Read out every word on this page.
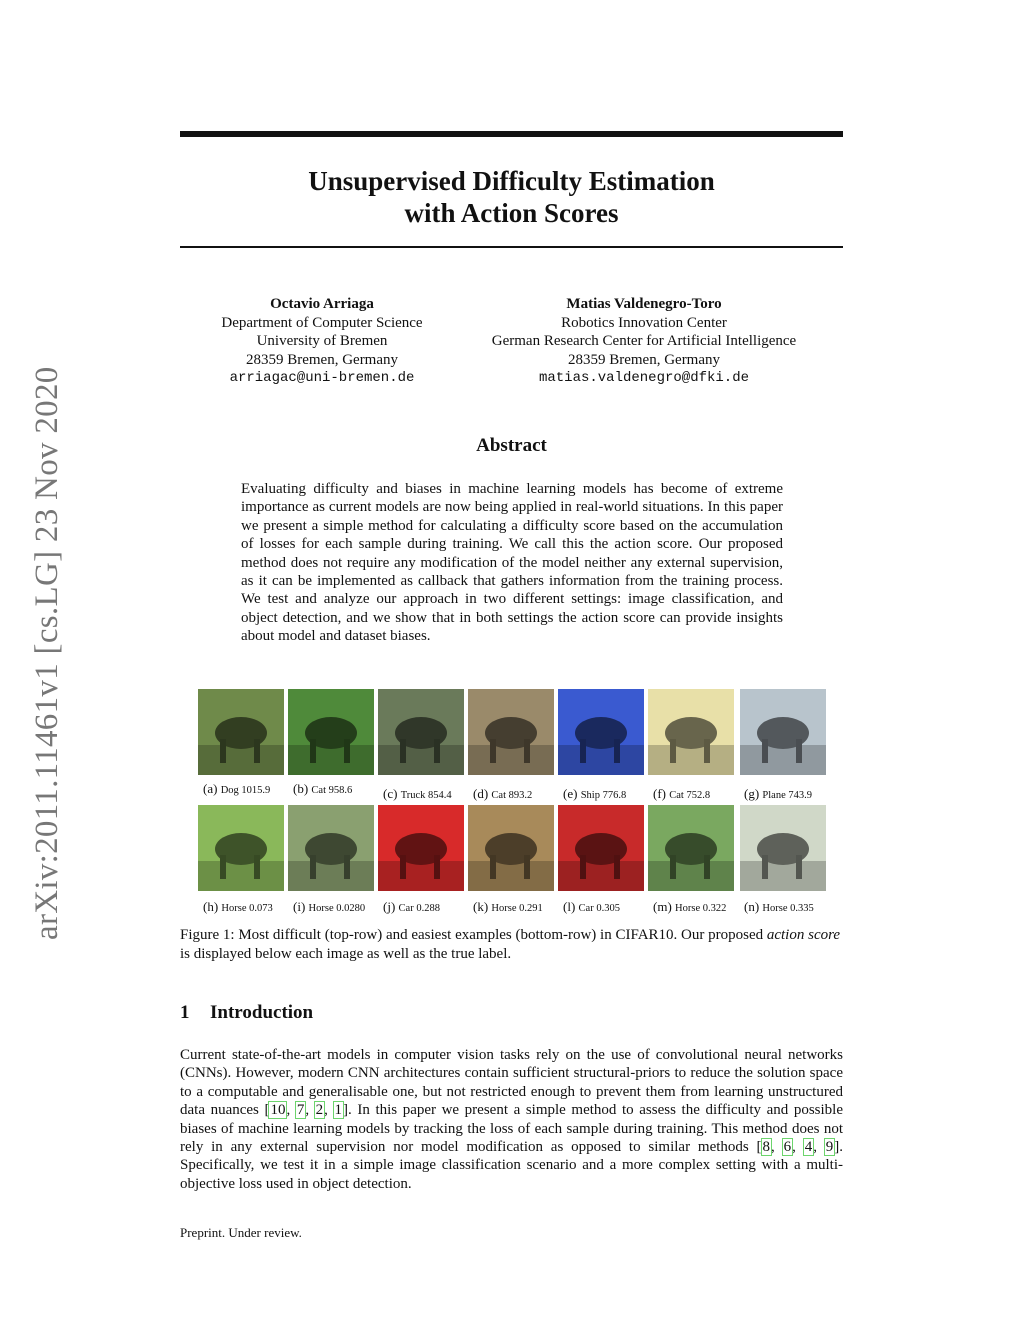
arXiv:2011.11461v1 [cs.LG] 23 Nov 2020
Unsupervised Difficulty Estimation
with Action Scores
Octavio Arriaga
Department of Computer Science
University of Bremen
28359 Bremen, Germany
arriagac@uni-bremen.de
Matias Valdenegro-Toro
Robotics Innovation Center
German Research Center for Artificial Intelligence
28359 Bremen, Germany
matias.valdenegro@dfki.de
Abstract
Evaluating difficulty and biases in machine learning models has become of extreme importance as current models are now being applied in real-world situations. In this paper we present a simple method for calculating a difficulty score based on the accumulation of losses for each sample during training. We call this the action score. Our proposed method does not require any modification of the model neither any external supervision, as it can be implemented as callback that gathers information from the training process. We test and analyze our approach in two different settings: image classification, and object detection, and we show that in both settings the action score can provide insights about model and dataset biases.
(a) Dog 1015.9 (b) Cat 958.6 (c) Truck 854.4 (d) Cat 893.2 (e) Ship 776.8 (f) Cat 752.8	(g) Plane 743.9
(h) Horse 0.073 (i) Horse 0.0280 (j) Car 0.288	(k) Horse 0.291 (l) Car 0.305	(m) Horse 0.322 (n) Horse 0.335
Figure 1: Most difficult (top-row) and easiest examples (bottom-row) in CIFAR10. Our proposed action score is displayed below each image as well as the true label.
1 Introduction
Current state-of-the-art models in computer vision tasks rely on the use of convolutional neural networks (CNNs). However, modern CNN architectures contain sufficient structural-priors to reduce the solution space to a computable and generalisable one, but not restricted enough to prevent them from learning unstructured data nuances [10, 7, 2, 1]. In this paper we present a simple method to assess the difficulty and possible biases of machine learning models by tracking the loss of each sample during training. This method does not rely in any external supervision nor model modification as opposed to similar methods [8, 6, 4, 9]. Specifically, we test it in a simple image classification scenario and a more complex setting with a multi-objective loss used in object detection.
Preprint. Under review.
